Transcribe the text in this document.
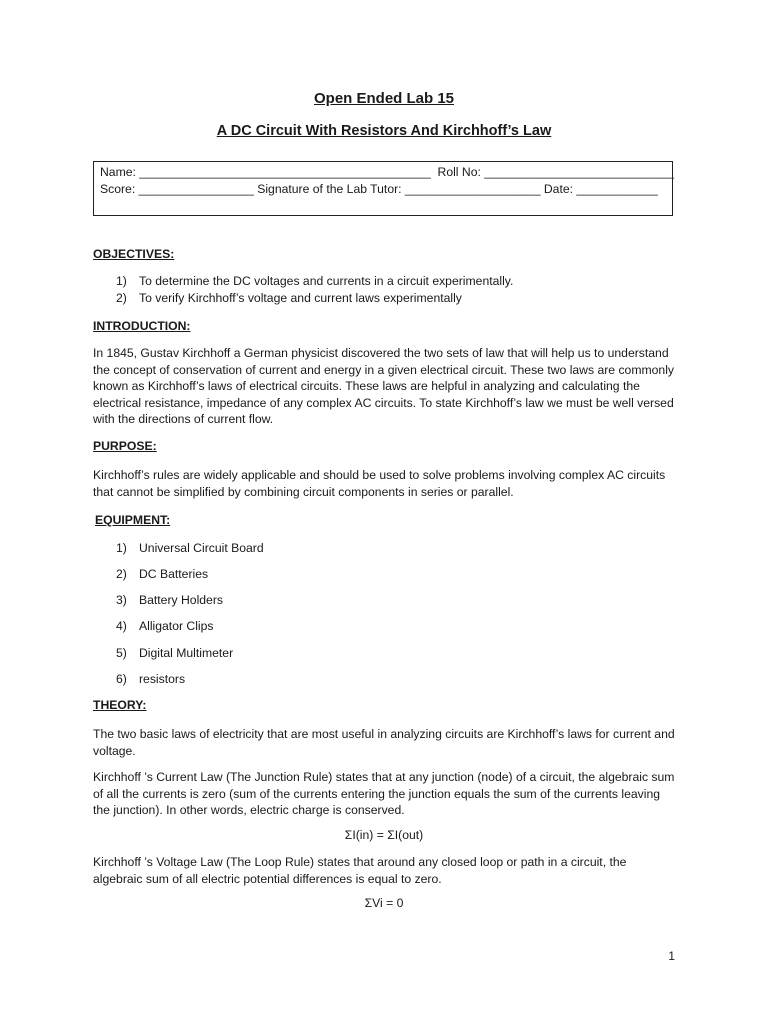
Open Ended Lab 15
A DC Circuit With Resistors And Kirchhoff’s Law
Name: ___________________________________________  Roll No: ____________________________
Score: _________________ Signature of the Lab Tutor: ____________________ Date: ____________
OBJECTIVES:
1) To determine the DC voltages and currents in a circuit experimentally.
2) To verify Kirchhoff’s voltage and current laws experimentally
INTRODUCTION:

In 1845, Gustav Kirchhoff a German physicist discovered the two sets of law that will help us to understand the concept of conservation of current and energy in a given electrical circuit. These two laws are commonly known as Kirchhoff’s laws of electrical circuits. These laws are helpful in analyzing and calculating the electrical resistance, impedance of any complex AC circuits. To state Kirchhoff’s law we must be well versed with the directions of current flow.

PURPOSE:

Kirchhoff’s rules are widely applicable and should be used to solve problems involving complex AC circuits that cannot be simplified by combining circuit components in series or parallel.

EQUIPMENT:
1) Universal Circuit Board
2) DC Batteries
3) Battery Holders
4) Alligator Clips
5) Digital Multimeter
6) resistors
THEORY:

The two basic laws of electricity that are most useful in analyzing circuits are Kirchhoff’s laws for current and voltage.

Kirchhoff ’s Current Law (The Junction Rule) states that at any junction (node) of a circuit, the algebraic sum of all the currents is zero (sum of the currents entering the junction equals the sum of the currents leaving the junction). In other words, electric charge is conserved.

ΣI(in) = ΣI(out)

Kirchhoff ’s Voltage Law (The Loop Rule) states that around any closed loop or path in a circuit, the algebraic sum of all electric potential differences is equal to zero.

ΣVi = 0

1
